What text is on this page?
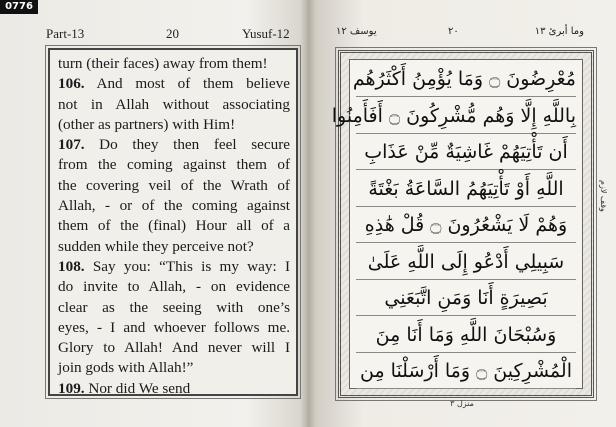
0776
Part-13	20	Yusuf-12
turn (their faces) away from them!
106. And most of them believe
not in Allah without associating
(other as partners) with Him!
107. Do they then feel secure
from the coming against them of
the covering veil of the Wrath of
Allah, - or of the coming against
them of the (final) Hour all of a
sudden while they perceive not?
108. Say you: “This is my way: I
do invite to Allah, - on evidence
clear as the seeing with one’s
eyes, - I and whoever follows me.
Glory to Allah! And never will I
join gods with Allah!”
109. Nor did We send
وما أبرئ ١٣
٢٠
يوسف ١٢
مُعْرِضُونَ ۝ وَمَا يُؤْمِنُ أَكْثَرُهُم
بِاللَّهِ إِلَّا وَهُم مُّشْرِكُونَ ۝ أَفَأَمِنُوا
أَن تَأْتِيَهُمْ غَاشِيَةٌ مِّنْ عَذَابِ
اللَّهِ أَوْ تَأْتِيَهُمُ السَّاعَةُ بَغْتَةً
وَهُمْ لَا يَشْعُرُونَ ۝ قُلْ هَٰذِهِ
سَبِيلِي أَدْعُو إِلَى اللَّهِ عَلَىٰ
بَصِيرَةٍ أَنَا وَمَنِ اتَّبَعَنِي
وَسُبْحَانَ اللَّهِ وَمَا أَنَا مِنَ
الْمُشْرِكِينَ ۝ وَمَا أَرْسَلْنَا مِن
وقف لازم
منزل ٣
